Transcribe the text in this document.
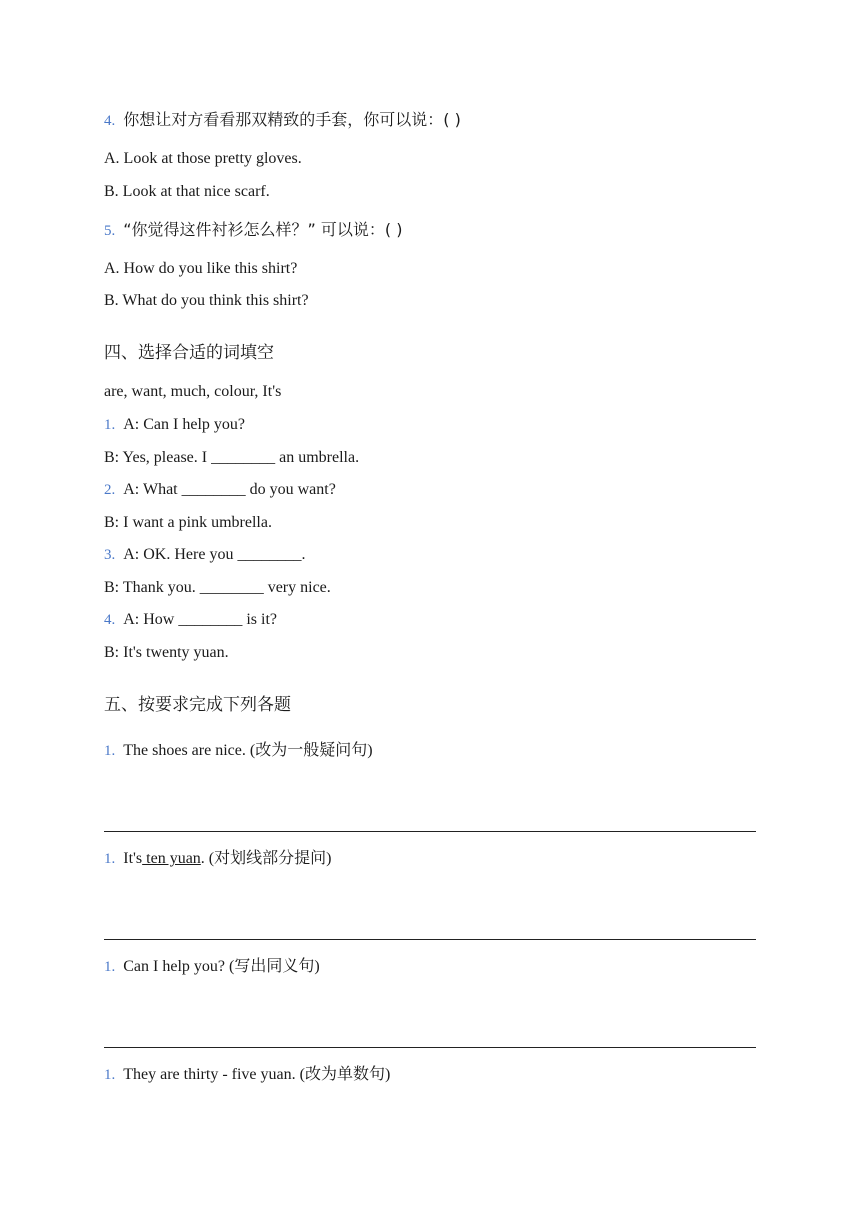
4. 你想让对方看看那双精致的手套，你可以说：( )
A. Look at those pretty gloves.
B. Look at that nice scarf.
5. “你觉得这件衬衫怎么样？” 可以说：( )
A. How do you like this shirt?
B. What do you think this shirt?
四、选择合适的词填空
are, want, much, colour, It's
1. A: Can I help you?
B: Yes, please. I ________ an umbrella.
2. A: What ________ do you want?
B: I want a pink umbrella.
3. A: OK. Here you ________.
B: Thank you. ________ very nice.
4. A: How ________ is it?
B: It's twenty yuan.
五、按要求完成下列各题
1. The shoes are nice. (改为一般疑问句)
1. It's ten yuan. (对划线部分提问)
1. Can I help you? (写出同义句)
1. They are thirty - five yuan. (改为单数句)
